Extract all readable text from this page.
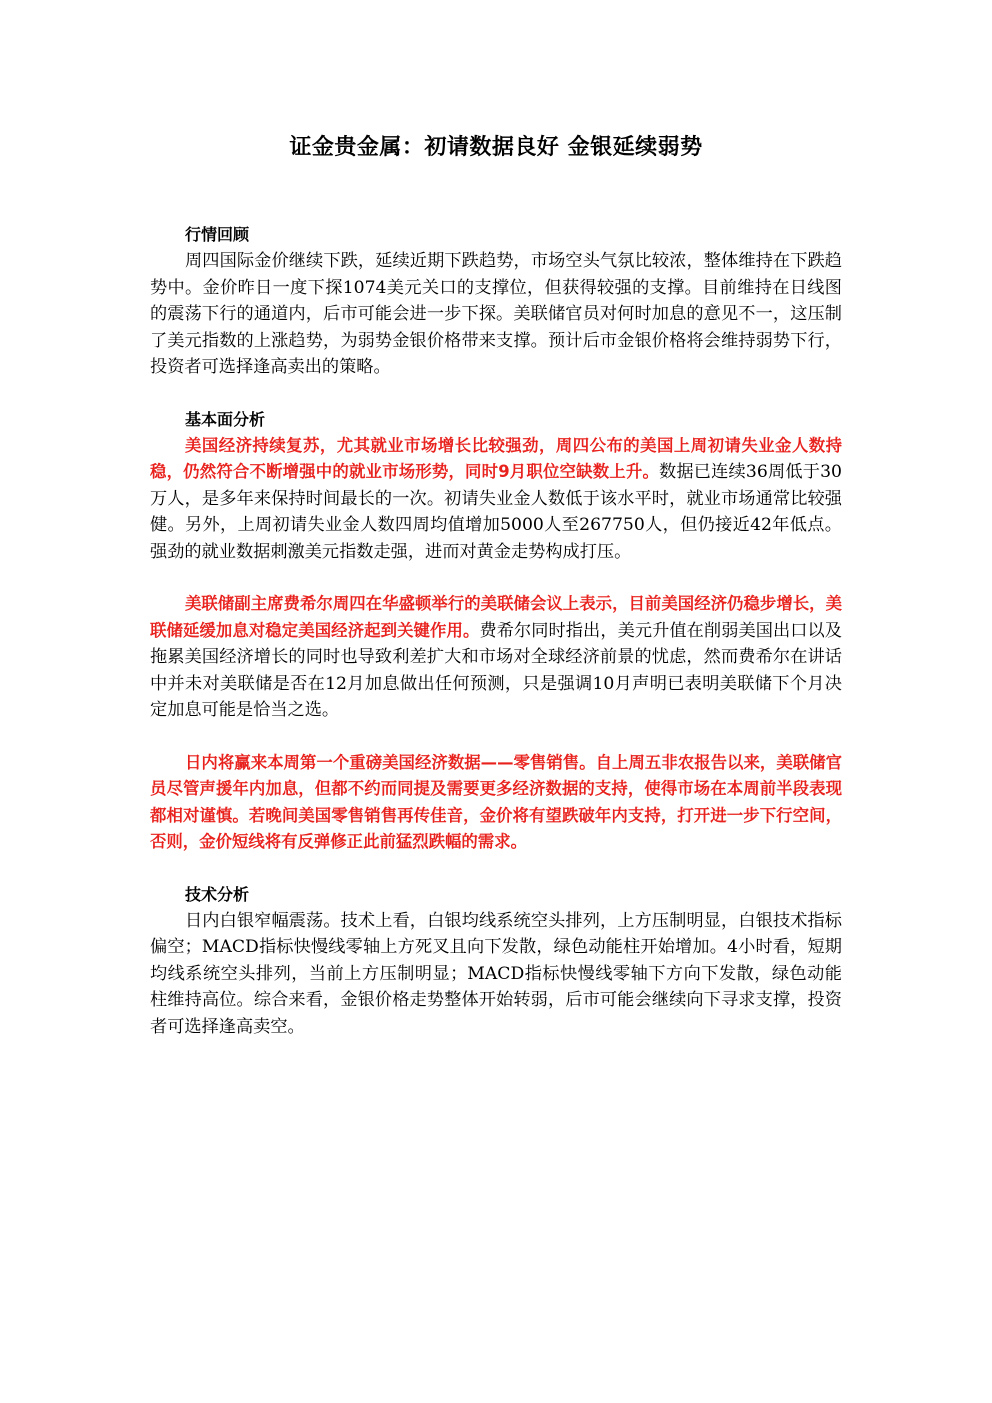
证金贵金属：初请数据良好 金银延续弱势

行情回顾

周四国际金价继续下跌，延续近期下跌趋势，市场空头气氛比较浓，整体维持在下跌趋势中。金价昨日一度下探1074美元关口的支撑位，但获得较强的支撑。目前维持在日线图的震荡下行的通道内，后市可能会进一步下探。美联储官员对何时加息的意见不一，这压制了美元指数的上涨趋势，为弱势金银价格带来支撑。预计后市金银价格将会维持弱势下行，投资者可选择逢高卖出的策略。

基本面分析

美国经济持续复苏，尤其就业市场增长比较强劲，周四公布的美国上周初请失业金人数持稳，仍然符合不断增强中的就业市场形势，同时9月职位空缺数上升。数据已连续36周低于30万人，是多年来保持时间最长的一次。初请失业金人数低于该水平时，就业市场通常比较强健。另外，上周初请失业金人数四周均值增加5000人至267750人，但仍接近42年低点。强劲的就业数据刺激美元指数走强，进而对黄金走势构成打压。

美联储副主席费希尔周四在华盛顿举行的美联储会议上表示，目前美国经济仍稳步增长，美联储延缓加息对稳定美国经济起到关键作用。费希尔同时指出，美元升值在削弱美国出口以及拖累美国经济增长的同时也导致利差扩大和市场对全球经济前景的忧虑，然而费希尔在讲话中并未对美联储是否在12月加息做出任何预测，只是强调10月声明已表明美联储下个月决定加息可能是恰当之选。

日内将赢来本周第一个重磅美国经济数据——零售销售。自上周五非农报告以来，美联储官员尽管声援年内加息，但都不约而同提及需要更多经济数据的支持，使得市场在本周前半段表现都相对谨慎。若晚间美国零售销售再传佳音，金价将有望跌破年内支持，打开进一步下行空间，否则，金价短线将有反弹修正此前猛烈跌幅的需求。

技术分析

日内白银窄幅震荡。技术上看，白银均线系统空头排列，上方压制明显，白银技术指标偏空；MACD指标快慢线零轴上方死叉且向下发散，绿色动能柱开始增加。4小时看，短期均线系统空头排列，当前上方压制明显；MACD指标快慢线零轴下方向下发散，绿色动能柱维持高位。综合来看，金银价格走势整体开始转弱，后市可能会继续向下寻求支撑，投资者可选择逢高卖空。
